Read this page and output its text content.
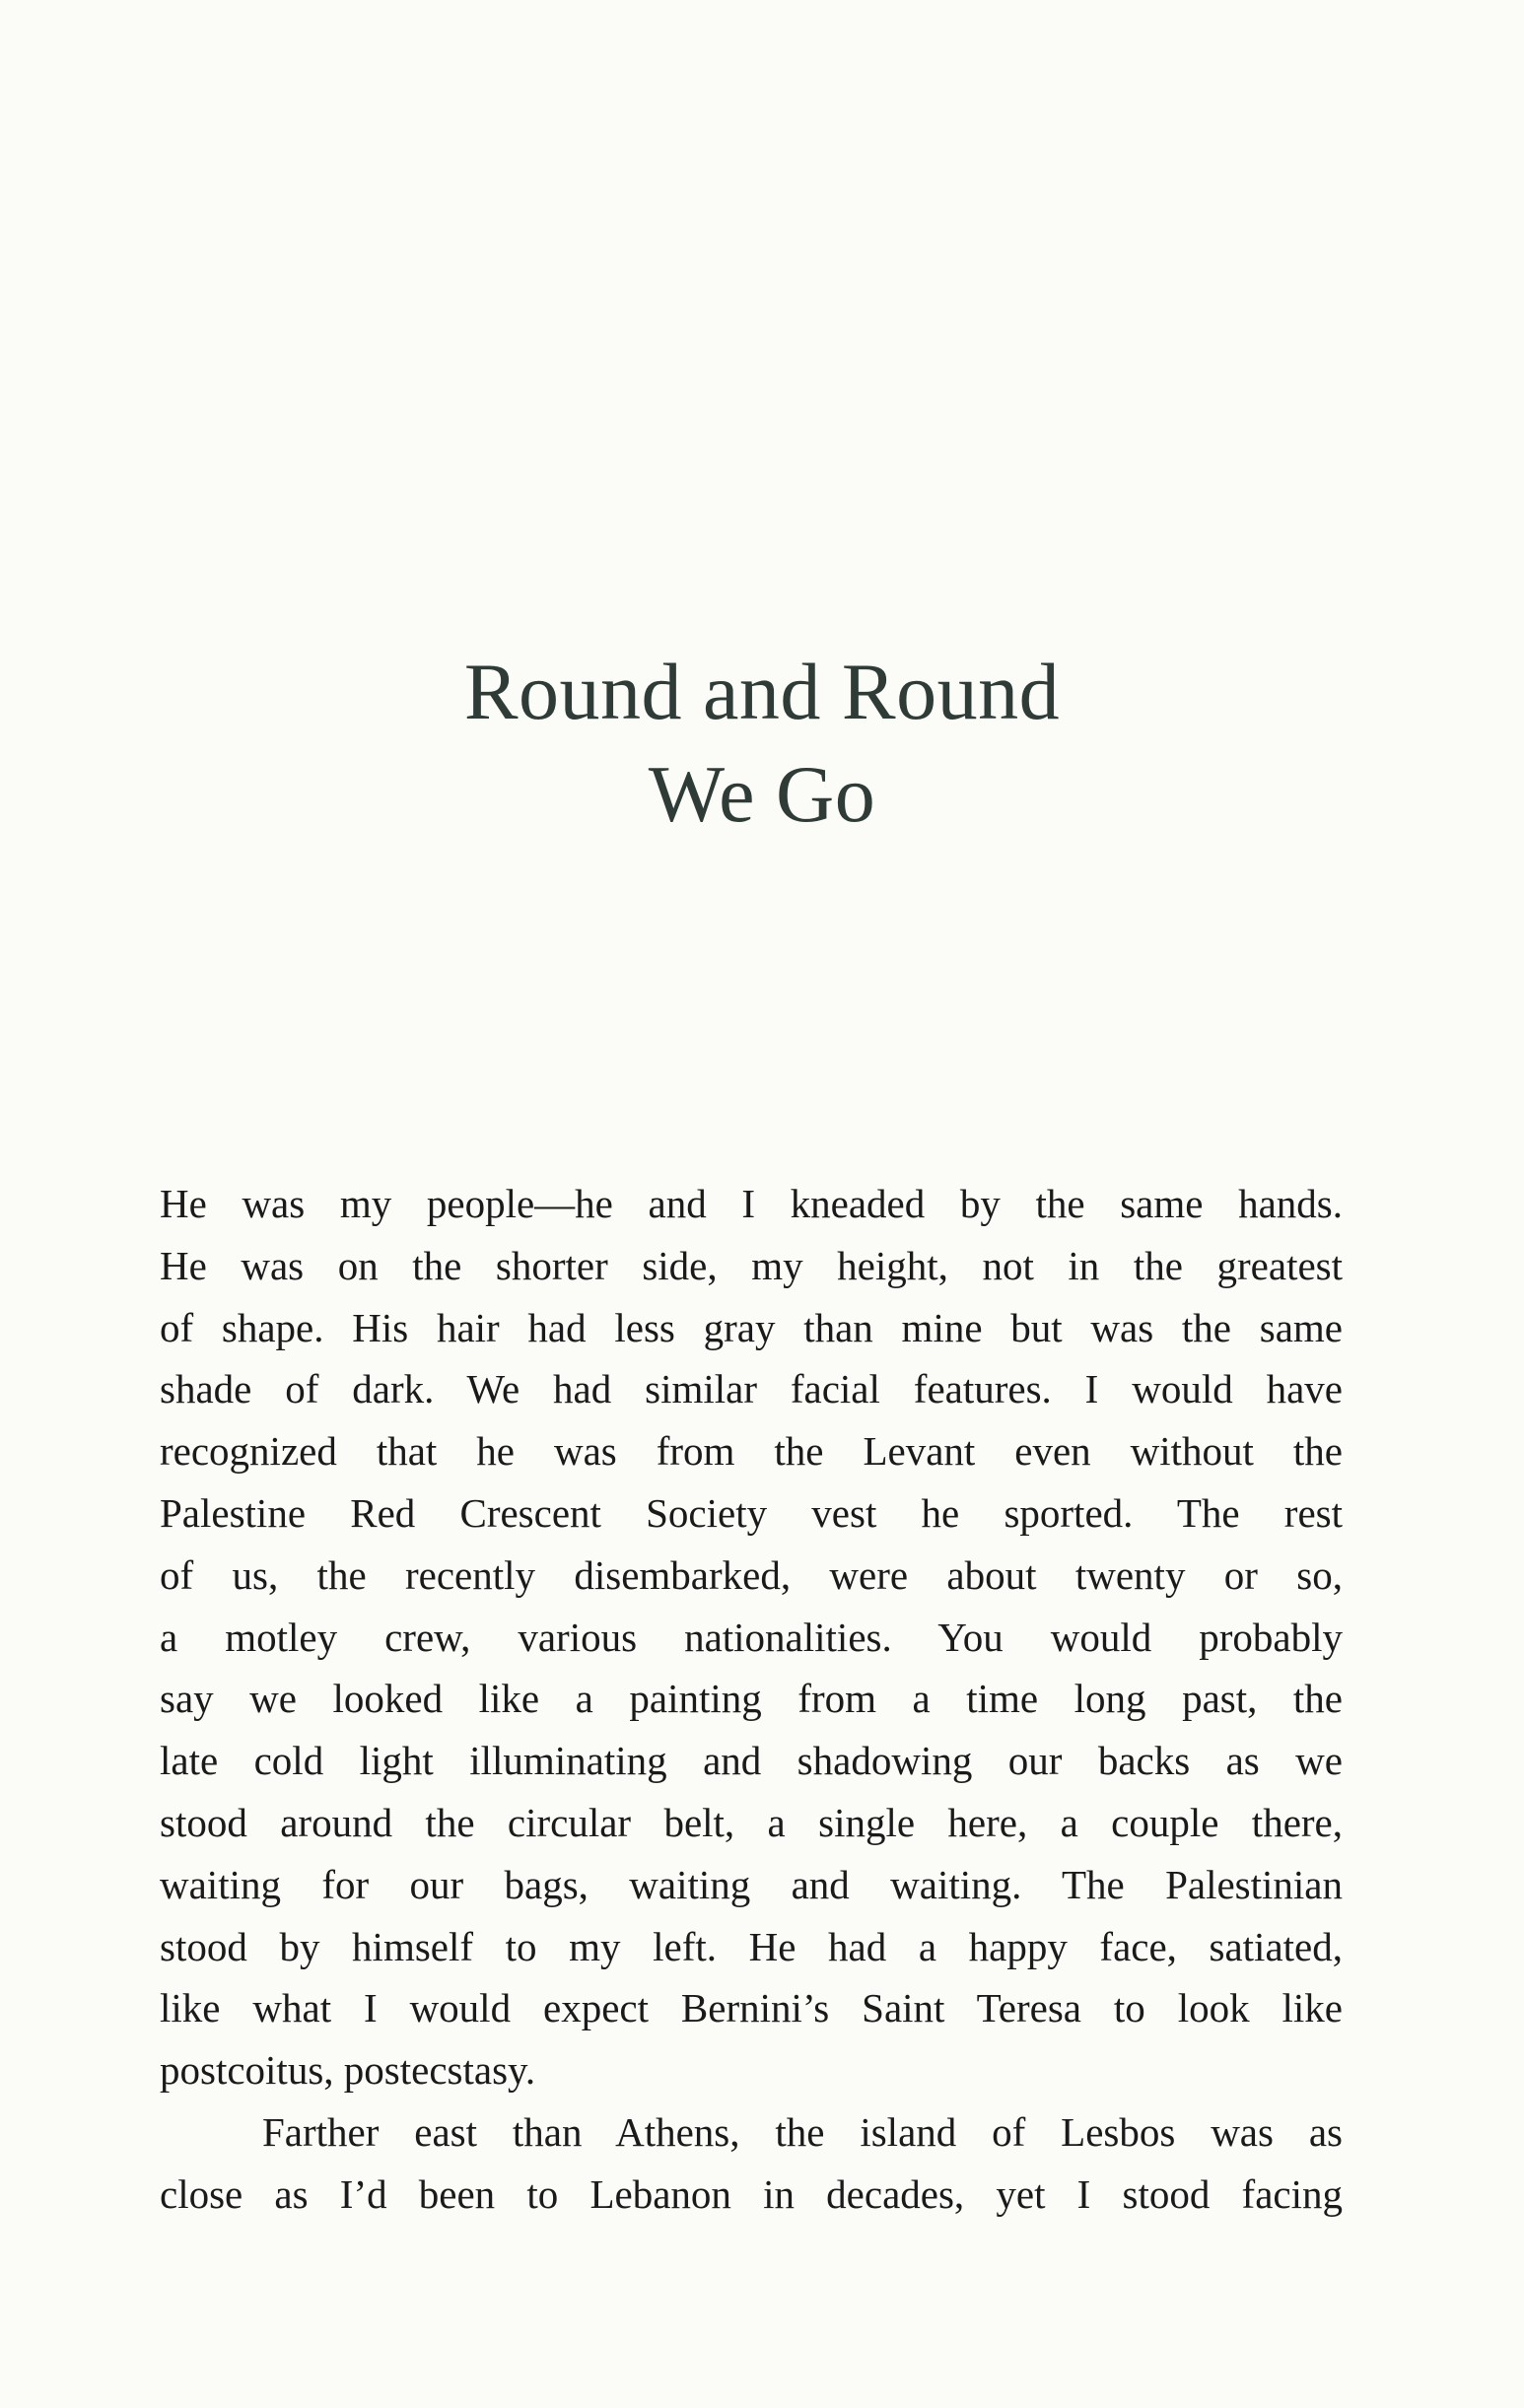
Round and Round
We Go
He was my people—he and I kneaded by the same hands.
He was on the shorter side, my height, not in the greatest
of shape. His hair had less gray than mine but was the same
shade of dark. We had similar facial features. I would have
recognized that he was from the Levant even without the
Palestine Red Crescent Society vest he sported. The rest
of us, the recently disembarked, were about twenty or so,
a motley crew, various nationalities. You would probably
say we looked like a painting from a time long past, the
late cold light illuminating and shadowing our backs as we
stood around the circular belt, a single here, a couple there,
waiting for our bags, waiting and waiting. The Palestinian
stood by himself to my left. He had a happy face, satiated,
like what I would expect Bernini’s Saint Teresa to look like
postcoitus, postecstasy.
Farther east than Athens, the island of Lesbos was as
close as I’d been to Lebanon in decades, yet I stood facing
